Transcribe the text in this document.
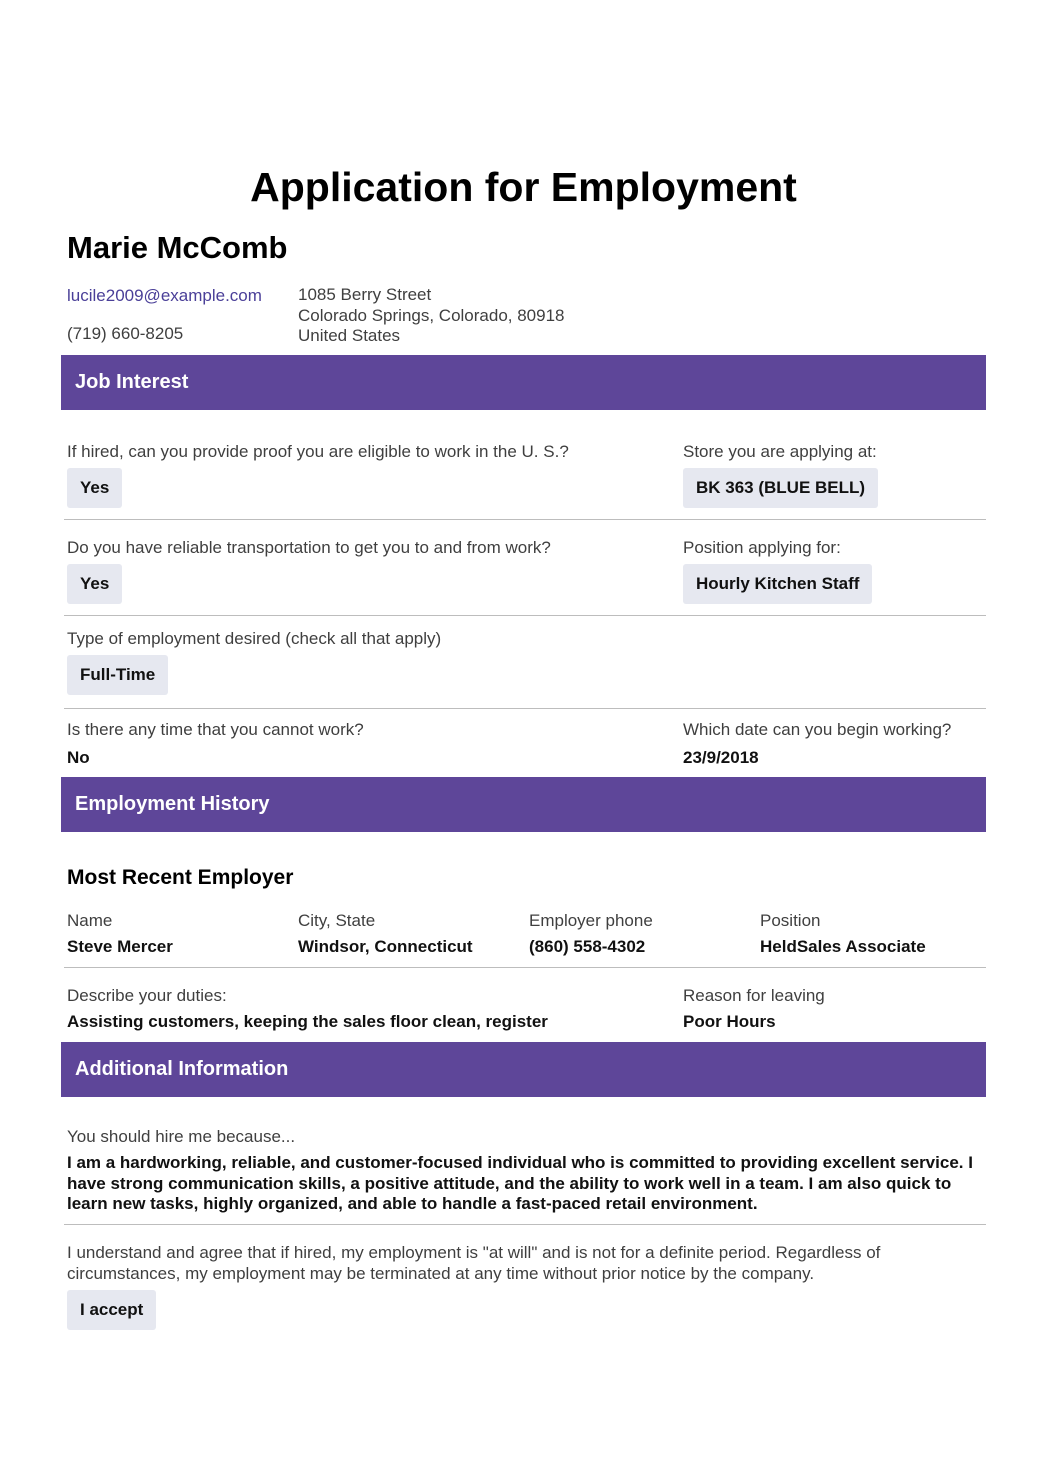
Application for Employment
Marie McComb
lucile2009@example.com
(719) 660-8205
1085 Berry Street
Colorado Springs, Colorado, 80918
United States
Job Interest
If hired, can you provide proof you are eligible to work in the U. S.?
Yes
Store you are applying at:
BK 363 (BLUE BELL)
Do you have reliable transportation to get you to and from work?
Yes
Position applying for:
Hourly Kitchen Staff
Type of employment desired (check all that apply)
Full-Time
Is there any time that you cannot work?
No
Which date can you begin working?
23/9/2018
Employment History
Most Recent Employer
Name
Steve Mercer
City, State
Windsor, Connecticut
Employer phone
(860) 558-4302
Position
HeldSales Associate
Describe your duties:
Assisting customers, keeping the sales floor clean, register
Reason for leaving
Poor Hours
Additional Information
You should hire me because...
I am a hardworking, reliable, and customer-focused individual who is committed to providing excellent service. I have strong communication skills, a positive attitude, and the ability to work well in a team. I am also quick to learn new tasks, highly organized, and able to handle a fast-paced retail environment.
I understand and agree that if hired, my employment is "at will" and is not for a definite period. Regardless of circumstances, my employment may be terminated at any time without prior notice by the company.
I accept
